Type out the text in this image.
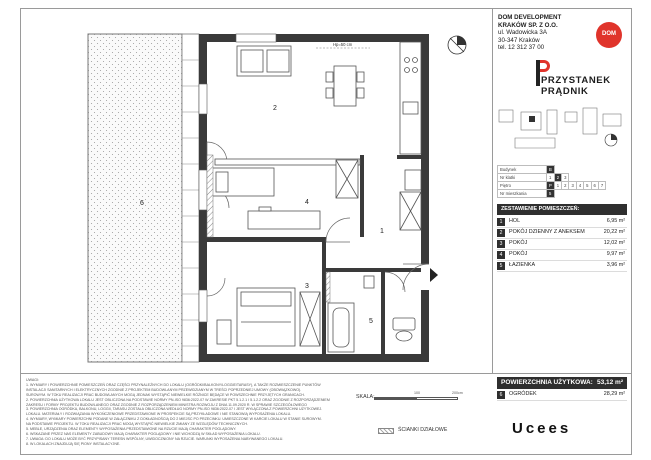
Hp=50 cm
6
2
4
1
3
5
DOM DEVELOPMENT
KRAKÓW SP. Z O.O.
ul. Wadowicka 3A
30-347 Kraków
tel. 12 312 37 00
DOM
PRZYSTANEK
PRĄDNIK
Budynek	B							
Nr klatki	1	2	3					
Piętro	P	1	2	3	4	5	6	7
Nr mieszkania	5							
ZESTAWIENIE POMIESZCZEŃ:
1	HOL	6,95 m²
2	POKÓJ DZIENNY Z ANEKSEM	20,22 m²
3	POKÓJ	12,02 m²
4	POKÓJ	9,97 m²
5	ŁAZIENKA	3,96 m²
POWIERZCHNIA UŻYTKOWA: 53,12 m²
6	OGRÓDEK	28,29 m²
UWAGI:
1. WYMIARY I POWIERZCHNIE POMIESZCZEŃ ORAZ CZĘŚCI PRZYNALEŻNYCH DO LOKALU (OGRÓDKI/BALKONY/LOGGIE/TARASY), A TAKŻE ROZMIESZCZENIE PUNKTÓW
INSTALACJI SANITARNYCH I ELEKTRYCZNYCH ZGODNIE Z PROJEKTEM BUDOWLANYM PRZEWIDZIANYM W TREŚCI POPRZEDNIEJ UMOWY (OBOWIĄZKOWO).
SUROWYM. W TOKU REALIZACJI PRAC BUDOWLANYCH MOGĄ JEDNAK WYSTĄPIĆ NIEWIELKIE RÓŻNICE BĘDĄCE W POWSZECHNIE PRZYJĘTYCH GRANICACH.
2. POWIERZCHNIA UŻYTKOWA LOKALU JEST OBLICZONA NA PODSTAWIE NORMY PN-ISO 9836:2022-07 W ZAKRESIE PKT 5.1.2.1 I 5.1.2.2 ORAZ ZGODNIE Z ROZPORZĄDZENIEM
ZAKRESU I FORMY PROJEKTU BUDOWLANEGO ORAZ ZGODNIE Z ROZPORZĄDZENIEM MINISTRA ROZWOJU Z DNIA 11.09.2020 R. W SPRAWIE SZCZEGÓŁOWEGO
3. POWIERZCHNIA OGRÓDKA, BALKONU, LOGGII, TARASU ZOSTAŁA OBLICZONA WEDŁUG NORMY PN-ISO 9836:2022-07 I JEST WYŁĄCZONA Z POWIERZCHNI UŻYTKOWEJ.
LOKALU. MATERIAŁY I ROZWIĄZANIA WYKOŃCZENIOWE PRZEDSTAWIONE W PROSPEKCIE SĄ PRZYKŁADOWE I NIE STANOWIĄ WYPOSAŻENIA LOKALU.
4. WYMIARY, WYMIARY POWIERZCHNI PODANE W ZAŁĄCZNIKU Z DOKŁADNOŚCIĄ DO 2 MIEJSC PO PRZECINKU. UMIESZCZONE W KARCIE LOKALU W STANIE SUROWYM.
NA PODSTAWIE PROJEKTU. W TOKU REALIZACJI PRAC MOGĄ WYSTĄPIĆ NIEWIELKIE ZMIANY ZE WZGLĘDÓW TECHNICZNYCH.
5. MEBLE, URZĄDZENIA ORAZ ELEMENTY WYPOSAŻENIA PRZEDSTAWIONE NA RZUCIE MAJĄ CHARAKTER POGLĄDOWY.
6. WSKAZANE PRZEZ NAS ELEMENTY ZABUDOWY MAJĄ CHARAKTER POGLĄDOWY I NIE WCHODZĄ W SKŁAD WYPOSAŻENIA LOKALU.
7. UWAGA: DO LOKALU MOŻE BYĆ PRZYPISANY TERESN WSPÓLNY, UWIDOCZNIONY NA RZUCIE. WARUNKI WYPOSAŻENIA NABYWANEGO LOKALU.
8. W LOKALACH ZNAJDUJĄ SIĘ PIONY INSTALACYJNE.
SKALA:
100	200cm
ŚCIANKI DZIAŁOWE	Ucees
